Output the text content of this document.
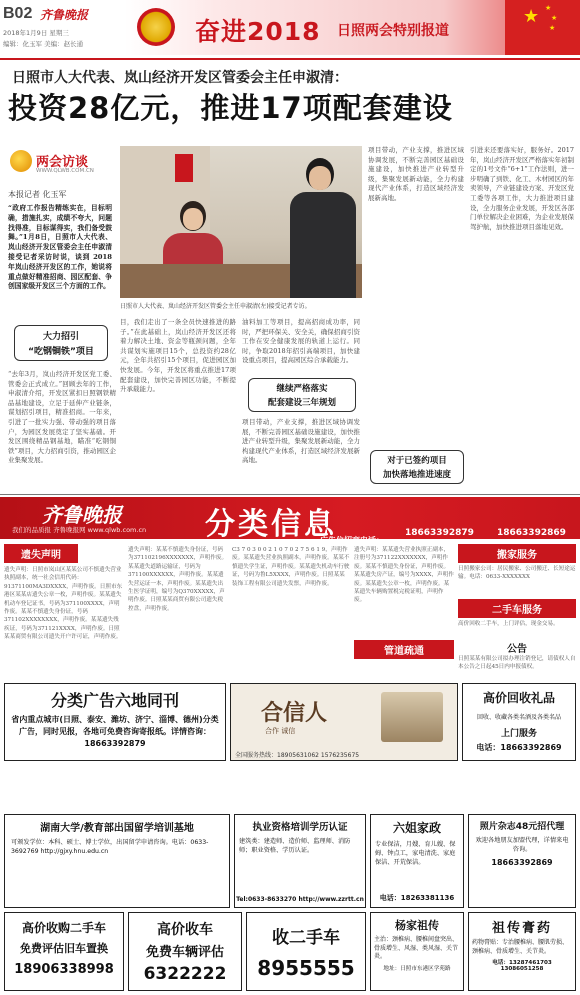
B02 齐鲁晚报
2018年1月9日 星期三
编辑：化玉军 美编：赵长通	奋进2018 日照两会特别报道
★ ★
★
★
日照市人大代表、岚山经济开发区管委会主任申淑清：
投资28亿元，推进17项配套建设
两会访谈
WWW.QLWB.COM.CN
本报记者 化玉军
“政府工作报告精练实在，目标明确，措施扎实，成绩不夸大，问题找得准，目标谋得实，我们备受鼓舞。”1月8日，日照市人大代表、岚山经济开发区管委会主任申淑清接受记者采访时说，谈到 2018 年岚山经济开发区的工作，她说将重点做好精准招商、园区配套、争创国家级开发区三个方面的工作。
日照市人大代表、岚山经济开发区管委会主任申淑清(左)接受记者专访。
大力招引
“吃钢铜铁”项目
“去年3月，岚山经济开发区党工委、管委会正式成立。”回顾去年的工作，申淑清介绍，开发区紧扣日照钢铁精品基地建设，立足于延伸产业链条，谋划招引项目，精准招商。一年来，引进了一批实力强、带动强的项目落户，为园区发展奠定了坚实基础。开发区围绕精品钢基地，瞄准“吃钢铜铁”项目，大力招商引资，推动园区企业集聚发展。
目，我们走出了一条全员快速推进的路子。”在此基础上，岚山经济开发区还将着力解决土地、资金等瓶颈问题，全年共谋划实施项目15个，总投资约28亿元，全年共招引15个项目，促进园区加快发展。今年，开发区将重点推进17项配套建设，加快完善园区功能，不断提升承载能力。
油料加工等项目，提高招商成功率，同时，严把环保关、安全关，确保招商引资工作在安全健康发展的轨道上运行。同时，争取2018年招引高端项目，加快建设重点项目，提高园区综合承载能力。
继续严格落实
配套建设三年规划
项目带动，产业支撑，推进区域协调发展，不断完善园区基础设施建设，加快推进产业转型升级，集聚发展新动能，全力构建现代产业体系，打造区域经济发展新高地。
项目带动，产业支撑，推进区域协调发展，不断完善园区基础设施建设，加快推进产业转型升级，集聚发展新动能，全力构建现代产业体系，打造区域经济发展新高地。
对于已签约项目
加快落地推进速度
引进来还要落实好，服务好。2017年，岚山经济开发区严格落实年初制定的1号文件“6+1”工作法则，进一步明确了到铁、化工、木材园区的年卖领导，产业链建设方案、开发区党工委等各项工作，大力推进项目建设，全力服务企业发展，开发区各部门单位解决企业困难，为企业发展保驾护航，加快推进项目落地见效。
齐鲁晚报
我们的品质报 齐鲁晚报网 www.qlwb.com.cn 分类信息
广告位招商电话：
18663392879	18663392869
遗失声明
遗失声明：日照市岚山区某某公司不慎遗失营业执照副本，统一社会信用代码：91371100MA3DXXXX，声明作废。日照市东港区某某店遗失公章一枚，声明作废。某某遗失机动车登记证书，号码为371100XXXX，声明作废。某某不慎遗失身份证，号码371102XXXXXXXX，声明作废。某某遗失残疾证，号码为371121XXXX，声明作废。日照某某商贸有限公司遗失开户许可证，声明作废。
遗失声明：某某不慎遗失身份证，号码为371102196XXXXXXX，声明作废。某某遗失道路运输证，号码为371100XXXXXX，声明作废。某某遗失营运证一本，声明作废。某某遗失出生医学证明，编号为Q370XXXXX，声明作废。日照某某商贸有限公司遗失税控盘，声明作废。
C3 7 0 3 0 0 2 1 0 7 0 2 7 5 6 1 9，声明作废。某某遗失营业执照副本，声明作废。某某不慎遗失学生证，声明作废。某某遗失机动车行驶证，号码为鲁L5XXXX，声明作废。日照某某装饰工程有限公司遗失发票，声明作废。
遗失声明：某某遗失营业执照正副本，注册号为371122XXXXXXX，声明作废。某某不慎遗失身份证，声明作废。某某遗失房产证，编号为XXXX，声明作废。某某遗失公章一枚，声明作废。某某遗失车辆购置税完税证明，声明作废。
管道疏通
搬家服务
日照搬家公司：居民搬家、公司搬迁、长短途运输。电话：0633-XXXXXXX
二手车服务
高价回收二手车，上门评估，现金交易。
公告
日照某某有限公司拟办理注销登记，请债权人自本公告之日起45日内申报债权。
分类广告六地同刊
省内重点城市(日照、泰安、潍坊、济宁、淄博、德州)分类广告，同时见报，各地可免费咨询寄报纸。详情咨询：18663392879
合信人
合作 诚信
全国服务热线：18905631062 1576235675
高价回收礼品
回收、收藏各类名酒及各类名品
上门服务
电话：18663392869
湖南大学/教育部出国留学培训基地
可颁发学位：本科、硕士、博士学位，出国留学申请咨询。电话：0633-3692769 http://gjxy.hnu.edu.cn
执业资格培训学历认证
建筑类：建造师、造价师、监理师、消防师；职业资格、学历认证。
Tel:0633-8633270 http://www.zzrtt.cn
六姐家政
专业保洁，月嫂、育儿嫂、保姆、钟点工，家电清洗、家庭保洁、开荒保洁。
电话：18263381136
照片杂志48元招代理
欢迎各地朋友加盟代理，详情来电咨询。
18663392869
高价收购二手车
免费评估旧车置换
18906338998
高价收车
免费车辆评估
6322222
收二手车
8955555
杨家祖传
主治：颈椎病、腰椎间盘突出、骨质增生、风湿、类风湿、关节炎。
地址：日照市东港区学苑路
祖传膏药
药物膏贴：专治腰椎病、腰肌劳损、颈椎病、骨质增生、关节炎。
电话：13287461703 13086051258
